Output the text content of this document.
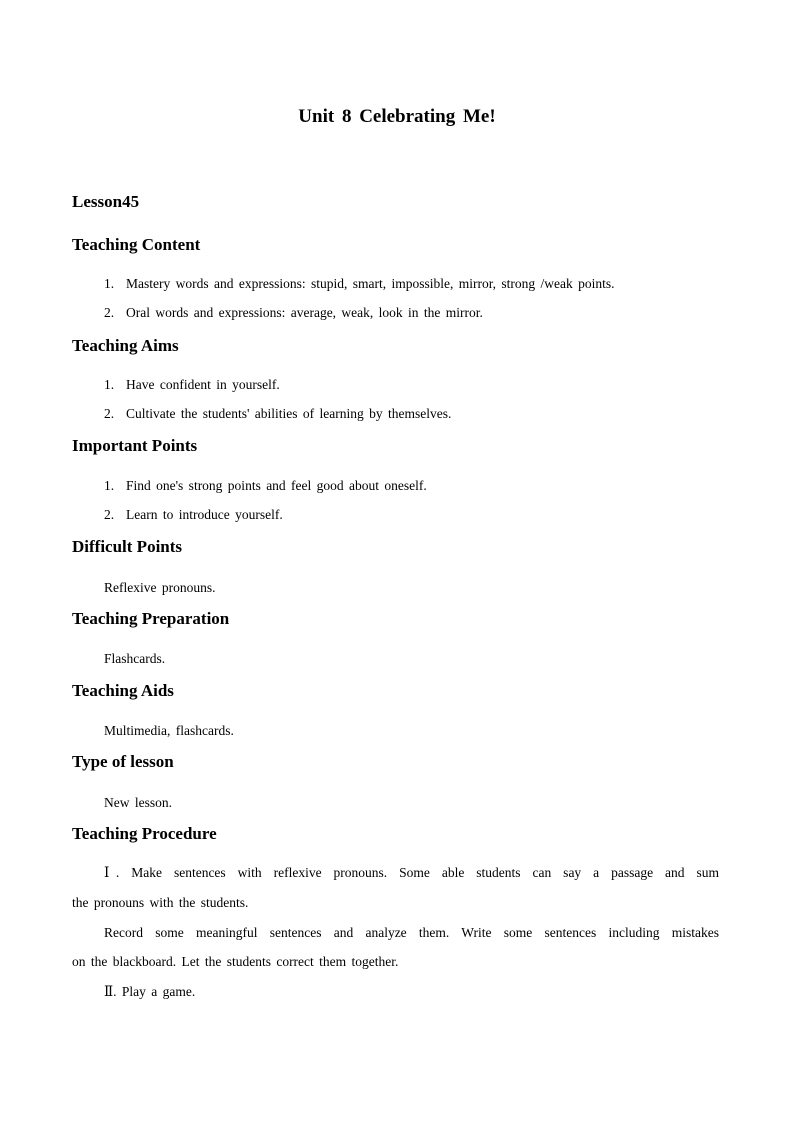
Unit 8 Celebrating Me!
Lesson45
Teaching Content
1. Mastery words and expressions: stupid, smart, impossible, mirror, strong /weak points.
2. Oral words and expressions: average, weak, look in the mirror.
Teaching Aims
1. Have confident in yourself.
2. Cultivate the students' abilities of learning by themselves.
Important Points
1. Find one's strong points and feel good about oneself.
2. Learn to introduce yourself.
Difficult Points
Reflexive pronouns.
Teaching Preparation
Flashcards.
Teaching Aids
Multimedia, flashcards.
Type of lesson
New lesson.
Teaching Procedure
Ⅰ. Make sentences with reflexive pronouns. Some able students can say a passage and sum
the pronouns with the students.
Record some meaningful sentences and analyze them. Write some sentences including mistakes
on the blackboard. Let the students correct them together.
Ⅱ. Play a game.
